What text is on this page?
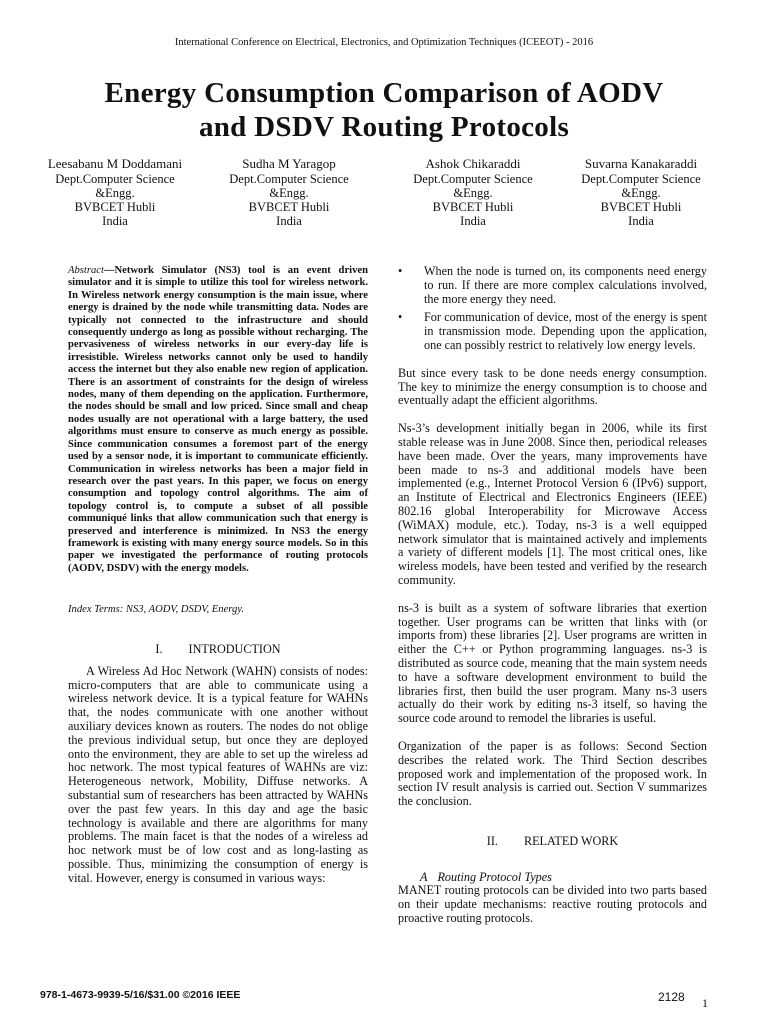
International Conference on Electrical, Electronics, and Optimization Techniques (ICEEOT) - 2016
Energy Consumption Comparison of AODV
and DSDV Routing Protocols
Leesabanu M Doddamani
Dept.Computer Science
&Engg.
BVBCET Hubli
India
Sudha M Yaragop
Dept.Computer Science
&Engg.
BVBCET Hubli
India
Ashok Chikaraddi
Dept.Computer Science
&Engg.
BVBCET Hubli
India
Suvarna Kanakaraddi
Dept.Computer Science
&Engg.
BVBCET Hubli
India

Abstract—Network Simulator (NS3) tool is an event driven simulator and it is simple to utilize this tool for wireless network. In Wireless network energy consumption is the main issue, where energy is drained by the node while transmitting data. Nodes are typically not connected to the infrastructure and should consequently undergo as long as possible without recharging. The pervasiveness of wireless networks in our every-day life is irresistible. Wireless networks cannot only be used to handily access the internet but they also enable new region of application. There is an assortment of constraints for the design of wireless nodes, many of them depending on the application. Furthermore, the nodes should be small and low priced. Since small and cheap nodes usually are not operational with a large battery, the used algorithms must ensure to conserve as much energy as possible. Since communication consumes a foremost part of the energy used by a sensor node, it is important to communicate efficiently. Communication in wireless networks has been a major field in research over the past years. In this paper, we focus on energy consumption and topology control algorithms. The aim of topology control is, to compute a subset of all possible communiqué links that allow communication such that energy is preserved and interference is minimized. In NS3 the energy framework is existing with many energy source models. So in this paper we investigated the performance of routing protocols (AODV, DSDV) with the energy models.

Index Terms: NS3, AODV, DSDV, Energy.

I. INTRODUCTION

A Wireless Ad Hoc Network (WAHN) consists of nodes: micro-computers that are able to communicate using a wireless network device. It is a typical feature for WAHNs that, the nodes communicate with one another without auxiliary devices known as routers. The nodes do not oblige the previous individual setup, but once they are deployed onto the environment, they are able to set up the wireless ad hoc network. The most typical features of WAHNs are viz: Heterogeneous network, Mobility, Diffuse networks. A substantial sum of researchers has been attracted by WAHNs over the past few years. In this day and age the basic technology is available and there are algorithms for many problems. The main facet is that the nodes of a wireless ad hoc network must be of low cost and as long-lasting as possible. Thus, minimizing the consumption of energy is vital. However, energy is consumed in various ways:

• When the node is turned on, its components need energy to run. If there are more complex calculations involved, the more energy they need.
• For communication of device, most of the energy is spent in transmission mode. Depending upon the application, one can possibly restrict to relatively low energy levels.

But since every task to be done needs energy consumption. The key to minimize the energy consumption is to choose and eventually adapt the efficient algorithms.

Ns-3’s development initially began in 2006, while its first stable release was in June 2008. Since then, periodical releases have been made. Over the years, many improvements have been made to ns-3 and additional models have been implemented (e.g., Internet Protocol Version 6 (IPv6) support, an Institute of Electrical and Electronics Engineers (IEEE) 802.16 global Interoperability for Microwave Access (WiMAX) module, etc.). Today, ns-3 is a well equipped network simulator that is maintained actively and implements a variety of different models [1]. The most critical ones, like wireless models, have been tested and verified by the research community.

ns-3 is built as a system of software libraries that exertion together. User programs can be written that links with (or imports from) these libraries [2]. User programs are written in either the C++ or Python programming languages. ns-3 is distributed as source code, meaning that the main system needs to have a software development environment to build the libraries first, then build the user program. Many ns-3 users actually do their work by editing ns-3 itself, so having the source code around to remodel the libraries is useful.

Organization of the paper is as follows: Second Section describes the related work. The Third Section describes proposed work and implementation of the proposed work. In section IV result analysis is carried out. Section V summarizes the conclusion.

II. RELATED WORK

A Routing Protocol Types

MANET routing protocols can be divided into two parts based on their update mechanisms: reactive routing protocols and proactive routing protocols.

978-1-4673-9939-5/16/$31.00 ©2016 IEEE	2128 1
